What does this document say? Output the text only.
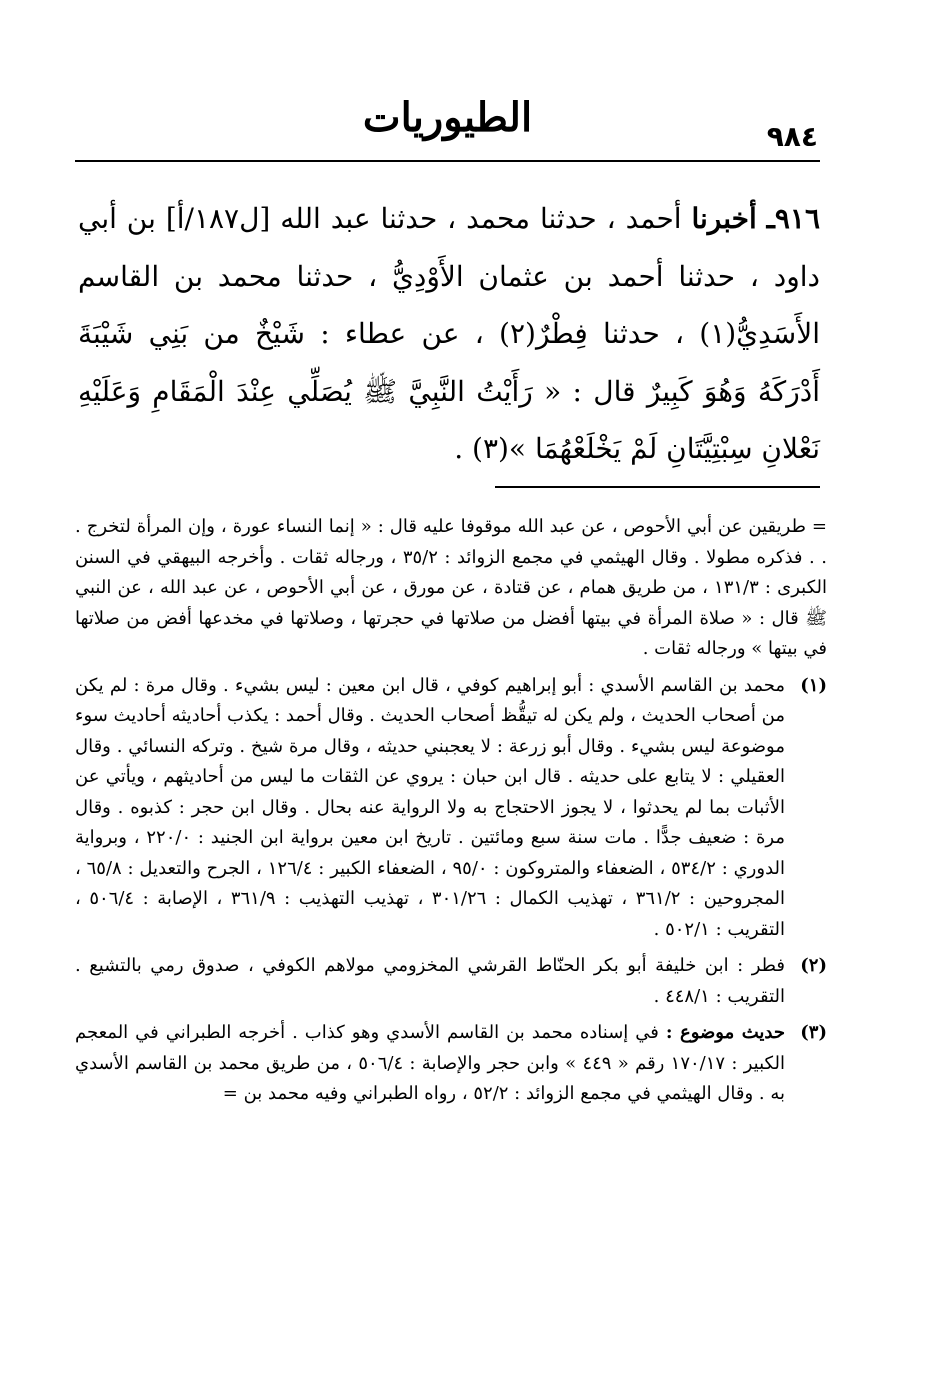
٩٨٤
الطيوريات

٩١٦ـ أخبرنا أحمد ، حدثنا محمد ، حدثنا عبد الله [ل١٨٧/أ] بن أبي داود ، حدثنا أحمد بن عثمان الأَوْدِيُّ ، حدثنا محمد بن القاسم الأَسَدِيُّ(١) ، حدثنا فِطْرٌ(٢) ، عن عطاء : شَيْخٌ من بَنِي شَيْبَةَ أَدْرَكَهُ وَهُوَ كَبِيرٌ قال : « رَأَيْتُ النَّبِيَّ ﷺ يُصَلِّي عِنْدَ الْمَقَامِ وَعَلَيْهِ نَعْلانِ سِبْتِيَّتَانِ لَمْ يَخْلَعْهُمَا »(٣) .

= طريقين عن أبي الأحوص ، عن عبد الله موقوفا عليه قال : « إنما النساء عورة ، وإن المرأة لتخرج . . . فذكره مطولا . وقال الهيثمي في مجمع الزوائد : ٣٥/٢ ، ورجاله ثقات . وأخرجه البيهقي في السنن الكبرى : ١٣١/٣ ، من طريق همام ، عن قتادة ، عن مورق ، عن أبي الأحوص ، عن عبد الله ، عن النبي ﷺ قال : « صلاة المرأة في بيتها أفضل من صلاتها في حجرتها ، وصلاتها في مخدعها أفض من صلاتها في بيتها » ورجاله ثقات .

(١)
محمد بن القاسم الأسدي : أبو إبراهيم كوفي ، قال ابن معين : ليس بشيء . وقال مرة : لم يكن من أصحاب الحديث ، ولم يكن له تيقُّظ أصحاب الحديث . وقال أحمد : يكذب أحاديثه أحاديث سوء موضوعة ليس بشيء . وقال أبو زرعة : لا يعجبني حديثه ، وقال مرة شيخ . وتركه النسائي . وقال العقيلي : لا يتابع على حديثه . قال ابن حبان : يروي عن الثقات ما ليس من أحاديثهم ، ويأتي عن الأثبات بما لم يحدثوا ، لا يجوز الاحتجاج به ولا الرواية عنه بحال . وقال ابن حجر : كذبوه . وقال مرة : ضعيف جدًّا . مات سنة سبع ومائتين . تاريخ ابن معين برواية ابن الجنيد : ٢٢٠/٠ ، وبرواية الدوري : ٥٣٤/٢ ، الضعفاء والمتروكون : ٩٥/٠ ، الضعفاء الكبير : ١٢٦/٤ ، الجرح والتعديل : ٦٥/٨ ، المجروحين : ٣٦١/٢ ، تهذيب الكمال : ٣٠١/٢٦ ، تهذيب التهذيب : ٣٦١/٩ ، الإصابة : ٥٠٦/٤ ، التقريب : ٥٠٢/١ .
(٢)
فطر : ابن خليفة أبو بكر الحنّاط القرشي المخزومي مولاهم الكوفي ، صدوق رمي بالتشيع . التقريب : ٤٤٨/١ .
(٣)
حديث موضوع : في إسناده محمد بن القاسم الأسدي وهو كذاب . أخرجه الطبراني في المعجم الكبير : ١٧٠/١٧ رقم « ٤٤٩ » وابن حجر والإصابة : ٥٠٦/٤ ، من طريق محمد بن القاسم الأسدي به . وقال الهيثمي في مجمع الزوائد : ٥٢/٢ ، رواه الطبراني وفيه محمد بن =
